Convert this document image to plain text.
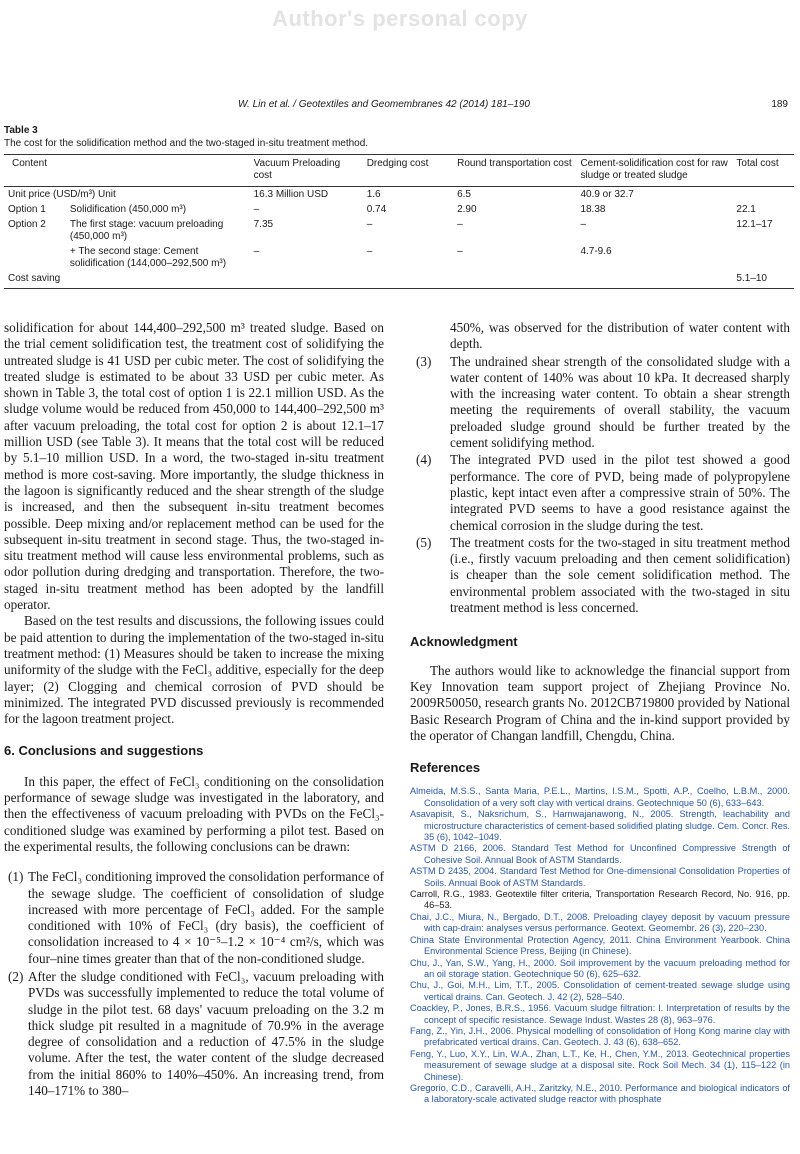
Author's personal copy
W. Lin et al. / Geotextiles and Geomembranes 42 (2014) 181–190	189
Table 3
The cost for the solidification method and the two-staged in-situ treatment method.
Content		Vacuum Preloading cost	Dredging cost	Round transportation cost	Cement-solidification cost for raw sludge or treated sludge	Total cost
Unit price (USD/m³) Unit		16.3 Million USD	1.6	6.5	40.9 or 32.7	
Option 1	Solidification (450,000 m³)	–	0.74	2.90	18.38	22.1
Option 2	The first stage: vacuum preloading (450,000 m³)	7.35	–	–	–	12.1–17
	+ The second stage: Cement solidification (144,000–292,500 m³)	–	–	–	4.7-9.6	
Cost saving						5.1–10

solidification for about 144,400–292,500 m³ treated sludge. Based on the trial cement solidification test, the treatment cost of solidifying the untreated sludge is 41 USD per cubic meter. The cost of solidifying the treated sludge is estimated to be about 33 USD per cubic meter. As shown in Table 3, the total cost of option 1 is 22.1 million USD. As the sludge volume would be reduced from 450,000 to 144,400–292,500 m³ after vacuum preloading, the total cost for option 2 is about 12.1–17 million USD (see Table 3). It means that the total cost will be reduced by 5.1–10 million USD. In a word, the two-staged in-situ treatment method is more cost-saving. More importantly, the sludge thickness in the lagoon is significantly reduced and the shear strength of the sludge is increased, and then the subsequent in-situ treatment becomes possible. Deep mixing and/or replacement method can be used for the subsequent in-situ treatment in second stage. Thus, the two-staged in-situ treatment method will cause less environmental problems, such as odor pollution during dredging and transportation. Therefore, the two-staged in-situ treatment method has been adopted by the landfill operator.

Based on the test results and discussions, the following issues could be paid attention to during the implementation of the two-staged in-situ treatment method: (1) Measures should be taken to increase the mixing uniformity of the sludge with the FeCl₃ additive, especially for the deep layer; (2) Clogging and chemical corrosion of PVD should be minimized. The integrated PVD discussed previously is recommended for the lagoon treatment project.

6. Conclusions and suggestions

In this paper, the effect of FeCl₃ conditioning on the consolidation performance of sewage sludge was investigated in the laboratory, and then the effectiveness of vacuum preloading with PVDs on the FeCl₃-conditioned sludge was examined by performing a pilot test. Based on the experimental results, the following conclusions can be drawn:

(1) The FeCl₃ conditioning improved the consolidation performance of the sewage sludge. The coefficient of consolidation of sludge increased with more percentage of FeCl₃ added. For the sample conditioned with 10% of FeCl₃ (dry basis), the coefficient of consolidation increased to 4 × 10⁻⁵–1.2 × 10⁻⁴ cm²/s, which was four–nine times greater than that of the non-conditioned sludge.
(2) After the sludge conditioned with FeCl₃, vacuum preloading with PVDs was successfully implemented to reduce the total volume of sludge in the pilot test. 68 days' vacuum preloading on the 3.2 m thick sludge pit resulted in a magnitude of 70.9% in the average degree of consolidation and a reduction of 47.5% in the sludge volume. After the test, the water content of the sludge decreased from the initial 860% to 140%–450%. An increasing trend, from 140–171% to 380–
450%, was observed for the distribution of water content with depth.
(3)	The undrained shear strength of the consolidated sludge with a water content of 140% was about 10 kPa. It decreased sharply with the increasing water content. To obtain a shear strength meeting the requirements of overall stability, the vacuum preloaded sludge ground should be further treated by the cement solidifying method.
(4)	The integrated PVD used in the pilot test showed a good performance. The core of PVD, being made of polypropylene plastic, kept intact even after a compressive strain of 50%. The integrated PVD seems to have a good resistance against the chemical corrosion in the sludge during the test.
(5)	The treatment costs for the two-staged in situ treatment method (i.e., firstly vacuum preloading and then cement solidification) is cheaper than the sole cement solidification method. The environmental problem associated with the two-staged in situ treatment method is less concerned.
Acknowledgment

The authors would like to acknowledge the financial support from Key Innovation team support project of Zhejiang Province No. 2009R50050, research grants No. 2012CB719800 provided by National Basic Research Program of China and the in-kind support provided by the operator of Changan landfill, Chengdu, China.

References

Almeida, M.S.S., Santa Maria, P.E.L., Martins, I.S.M., Spotti, A.P., Coelho, L.B.M., 2000. Consolidation of a very soft clay with vertical drains. Geotechnique 50 (6), 633–643.

Asavapisit, S., Naksrichum, S., Harnwajanawong, N., 2005. Strength, leachability and microstructure characteristics of cement-based solidified plating sludge. Cem. Concr. Res. 35 (6), 1042–1049.

ASTM D 2166, 2006. Standard Test Method for Unconfined Compressive Strength of Cohesive Soil. Annual Book of ASTM Standards.

ASTM D 2435, 2004. Standard Test Method for One-dimensional Consolidation Properties of Soils. Annual Book of ASTM Standards.

Carroll, R.G., 1983. Geotextile filter criteria, Transportation Research Record, No. 916, pp. 46–53.

Chai, J.C., Miura, N., Bergado, D.T., 2008. Preloading clayey deposit by vacuum pressure with cap-drain: analyses versus performance. Geotext. Geomembr. 26 (3), 220–230.

China State Environmental Protection Agency, 2011. China Environment Yearbook. China Environmental Science Press, Beijing (in Chinese).

Chu, J., Yan, S.W., Yang, H., 2000. Soil improvement by the vacuum preloading method for an oil storage station. Geotechnique 50 (6), 625–632.

Chu, J., Goi, M.H., Lim, T.T., 2005. Consolidation of cement-treated sewage sludge using vertical drains. Can. Geotech. J. 42 (2), 528–540.

Coackley, P., Jones, B.R.S., 1956. Vacuum sludge filtration: I. Interpretation of results by the concept of specific resistance. Sewage Indust. Wastes 28 (8), 963–976.

Fang, Z., Yin, J.H., 2006. Physical modelling of consolidation of Hong Kong marine clay with prefabricated vertical drains. Can. Geotech. J. 43 (6), 638–652.

Feng, Y., Luo, X.Y., Lin, W.A., Zhan, L.T., Ke, H., Chen, Y.M., 2013. Geotechnical properties measurement of sewage sludge at a disposal site. Rock Soil Mech. 34 (1), 115–122 (in Chinese).

Gregorio, C.D., Caravelli, A.H., Zaritzky, N.E., 2010. Performance and biological indicators of a laboratory-scale activated sludge reactor with phosphate
